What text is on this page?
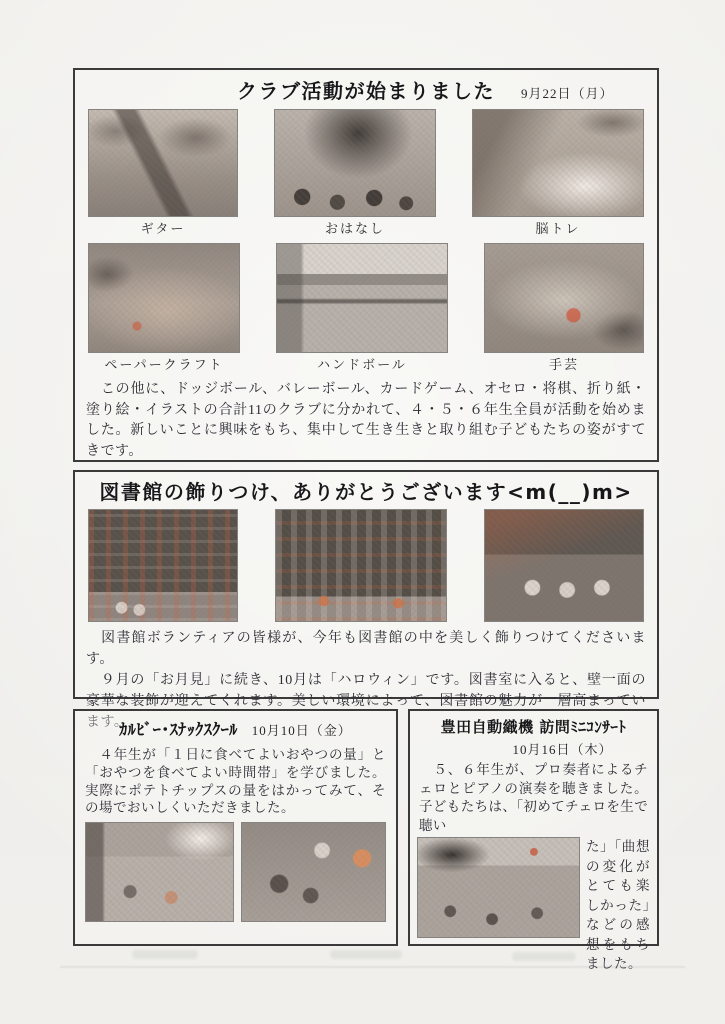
クラブ活動が始まりました	9月22日（月）
ギター	おはなし	脳トレ
ペーパークラフト	ハンドボール	手芸

　この他に、ドッジボール、バレーボール、カードゲーム、オセロ・将棋、折り紙・塗り絵・イラストの合計11のクラブに分かれて、４・５・６年生全員が活動を始めました。新しいことに興味をもち、集中して生き生きと取り組む子どもたちの姿がすてきです。

図書館の飾りつけ、ありがとうございます<m(__)m>

　図書館ボランティアの皆様が、今年も図書館の中を美しく飾りつけてくださいます。

　９月の「お月見」に続き、10月は「ハロウィン」です。図書室に入ると、壁一面の豪華な装飾が迎えてくれます。美しい環境によって、図書館の魅力が一層高まっています。

ｶﾙﾋﾞｰ･ｽﾅｯｸｽｸｰﾙ 10月10日（金）

　４年生が「１日に食べてよいおやつの量」と「おやつを食べてよい時間帯」を学びました。実際にポテトチップスの量をはかってみて、その場でおいしくいただきました。

豊田自動織機 訪問ﾐﾆｺﾝｻｰﾄ
10月16日（木）

　５、６年生が、プロ奏者によるチェロとピアノの演奏を聴きました。子どもたちは、「初めてチェロを生で聴い

た」「曲想の変化がとても楽しかった」などの感想をもちました。
